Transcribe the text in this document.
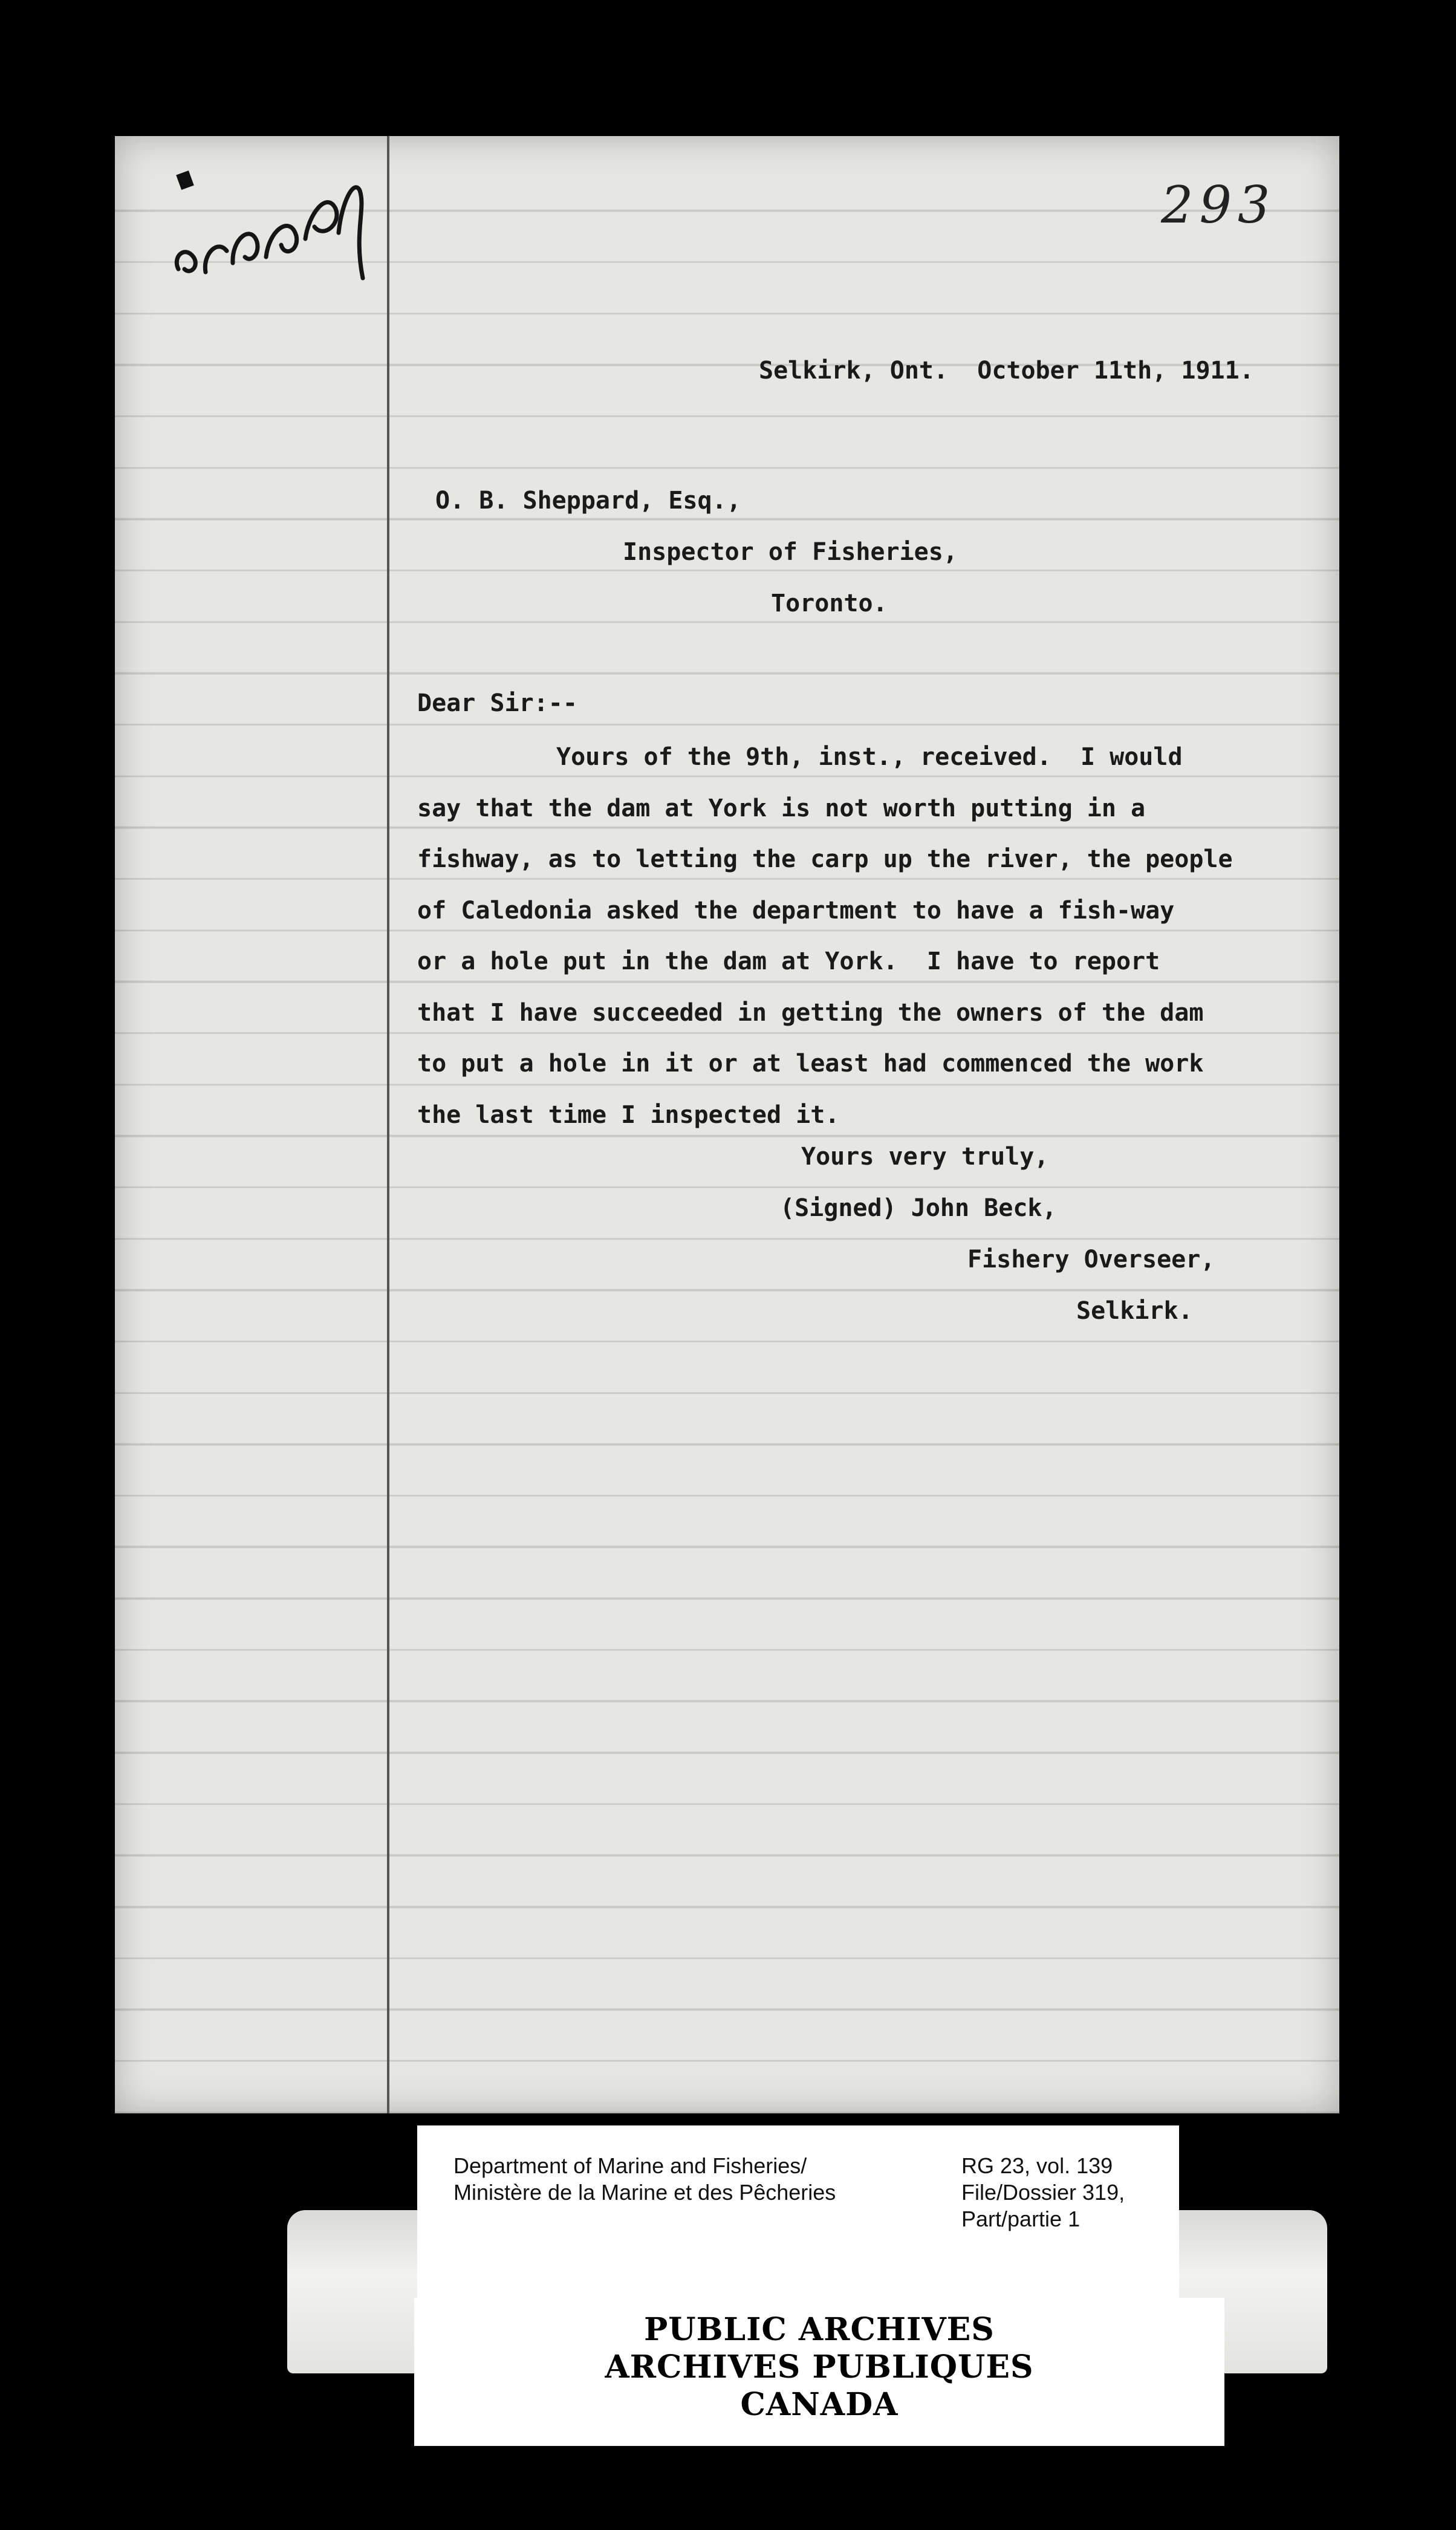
293
Selkirk, Ont.  October 11th, 1911.
O. B. Sheppard, Esq.,
Inspector of Fisheries,
Toronto.
Dear Sir:--
Yours of the 9th, inst., received.  I would
say that the dam at York is not worth putting in a
fishway, as to letting the carp up the river, the people
of Caledonia asked the department to have a fish-way
or a hole put in the dam at York.  I have to report
that I have succeeded in getting the owners of the dam
to put a hole in it or at least had commenced the work
the last time I inspected it.
Yours very truly,
(Signed) John Beck,
Fishery Overseer,
Selkirk.
Department of Marine and Fisheries/
Ministère de la Marine et des Pêcheries
RG 23, vol. 139
File/Dossier 319,
Part/partie 1
PUBLIC ARCHIVES
ARCHIVES PUBLIQUES
CANADA
